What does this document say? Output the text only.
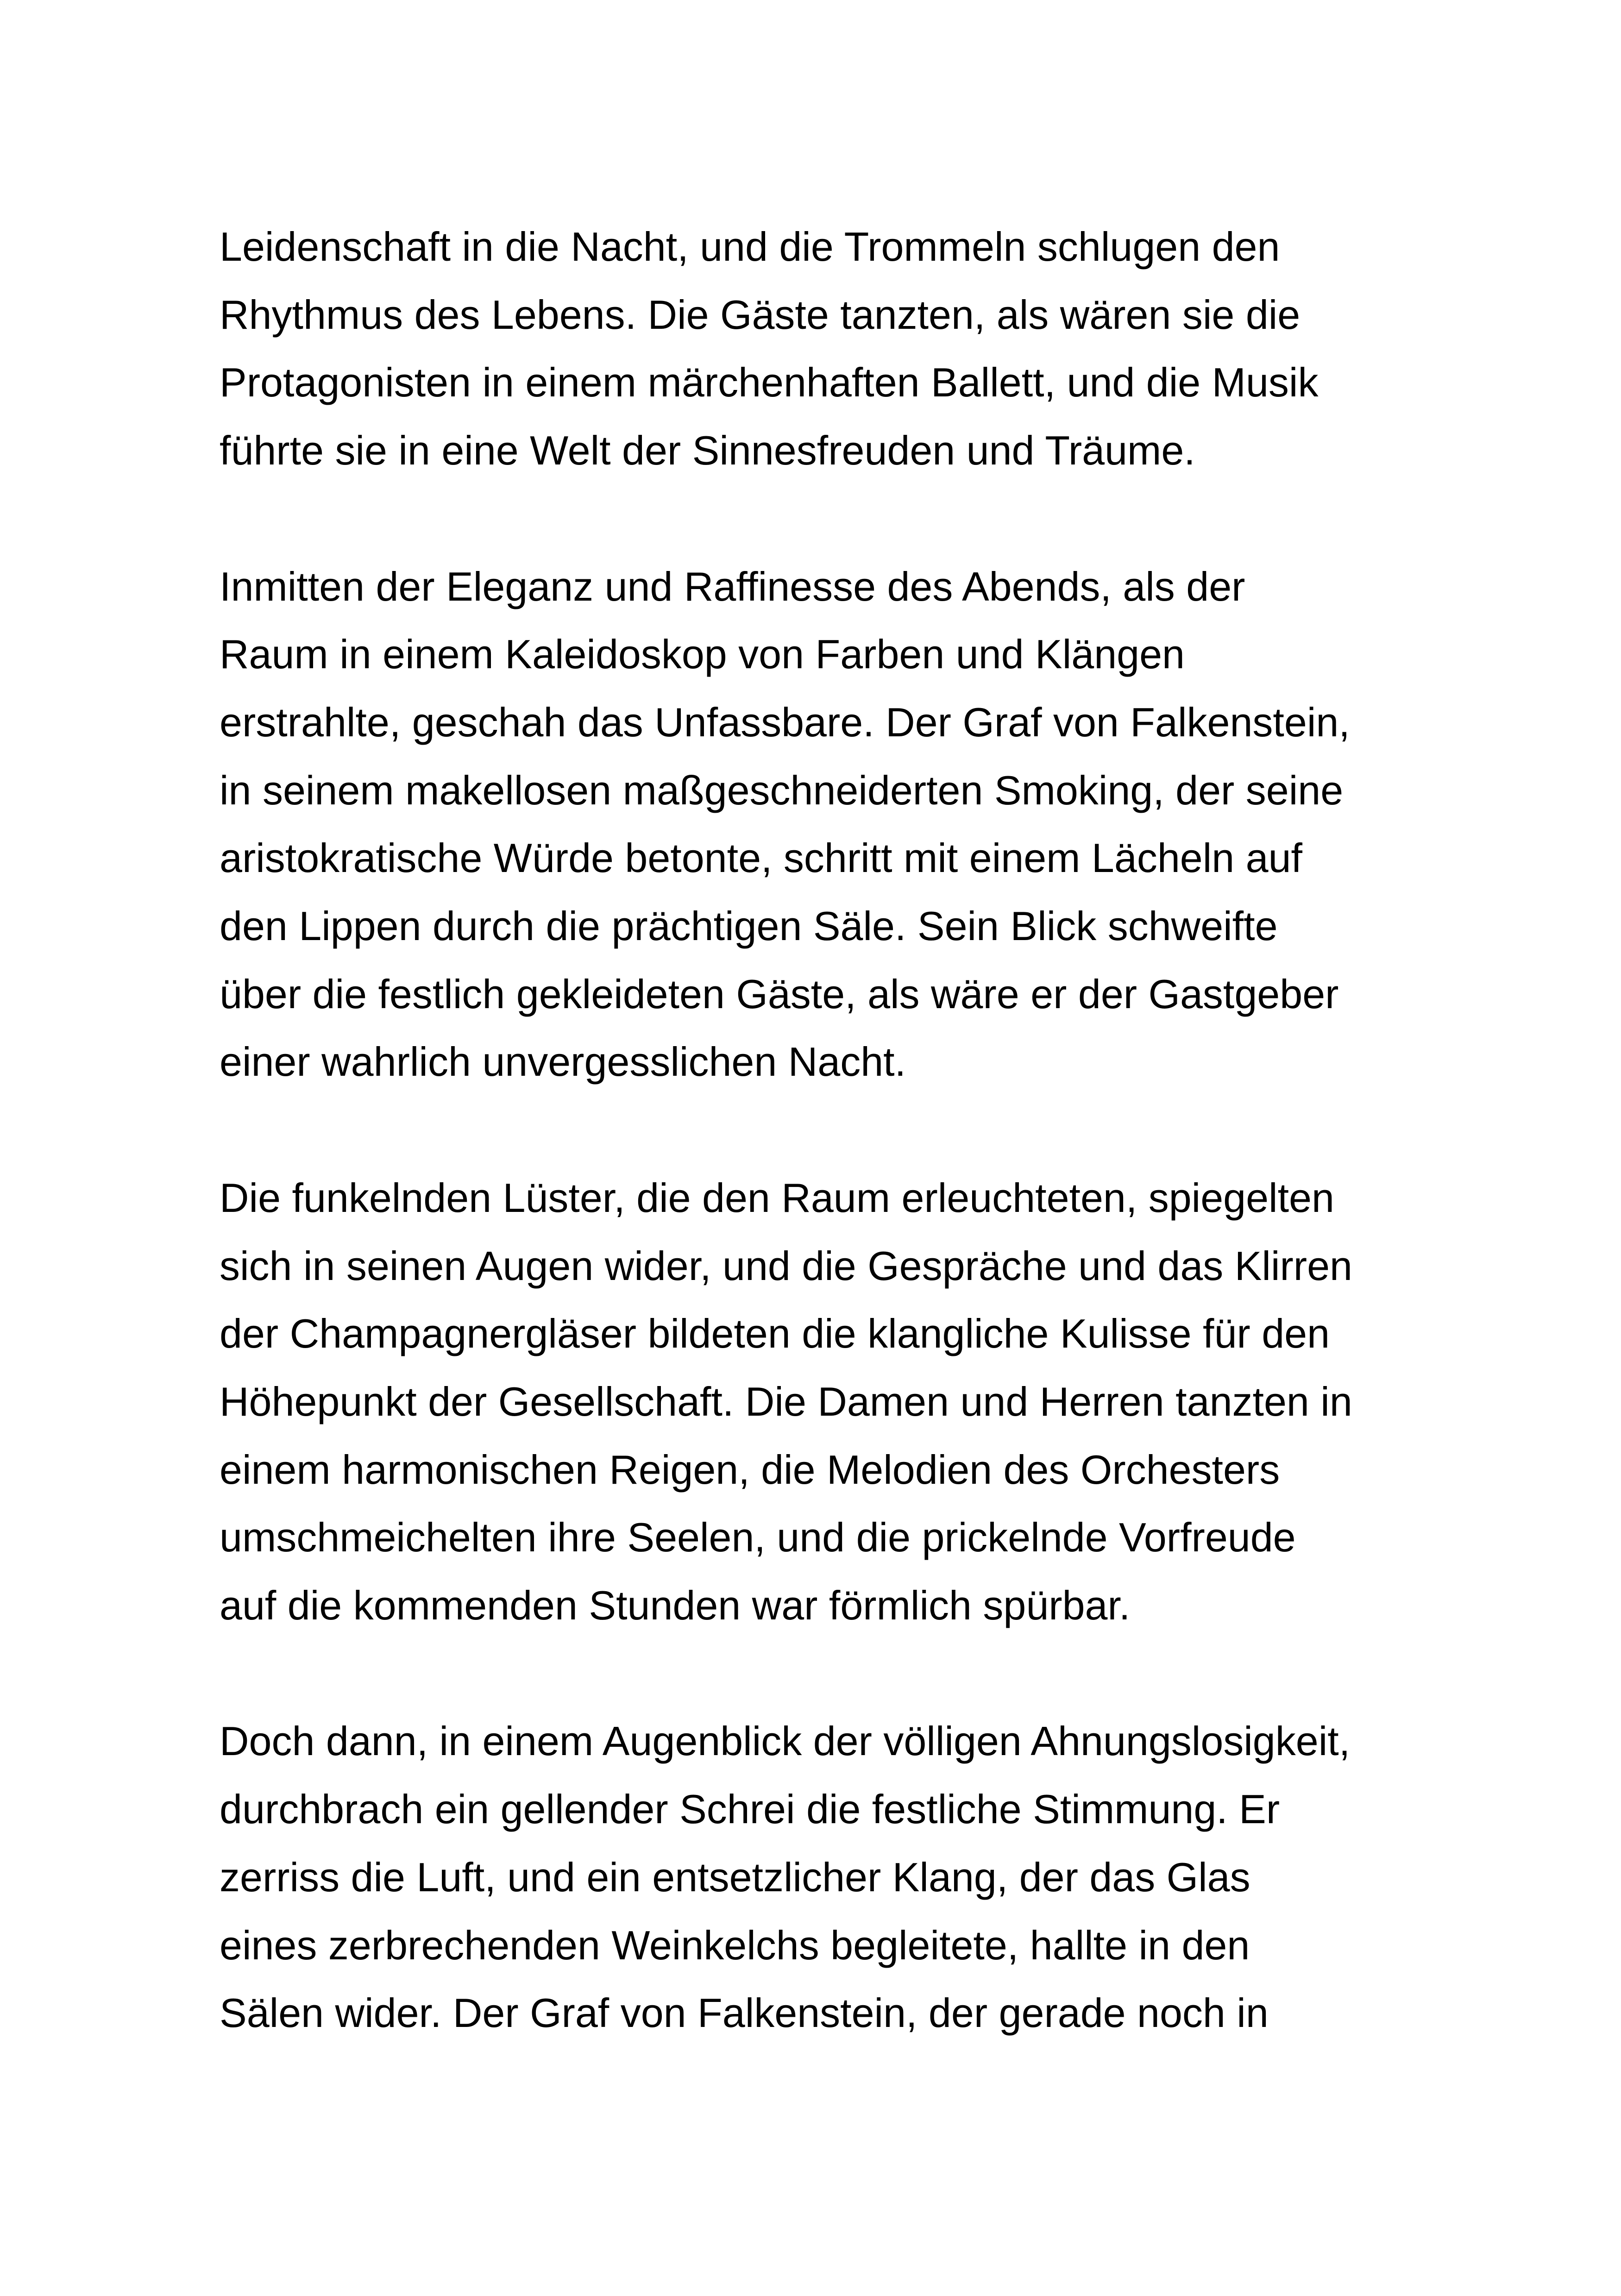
Leidenschaft in die Nacht, und die Trommeln schlugen den
Rhythmus des Lebens. Die Gäste tanzten, als wären sie die
Protagonisten in einem märchenhaften Ballett, und die Musik
führte sie in eine Welt der Sinnesfreuden und Träume.
Inmitten der Eleganz und Raffinesse des Abends, als der
Raum in einem Kaleidoskop von Farben und Klängen
erstrahlte, geschah das Unfassbare. Der Graf von Falkenstein,
in seinem makellosen maßgeschneiderten Smoking, der seine
aristokratische Würde betonte, schritt mit einem Lächeln auf
den Lippen durch die prächtigen Säle. Sein Blick schweifte
über die festlich gekleideten Gäste, als wäre er der Gastgeber
einer wahrlich unvergesslichen Nacht.
Die funkelnden Lüster, die den Raum erleuchteten, spiegelten
sich in seinen Augen wider, und die Gespräche und das Klirren
der Champagnergläser bildeten die klangliche Kulisse für den
Höhepunkt der Gesellschaft. Die Damen und Herren tanzten in
einem harmonischen Reigen, die Melodien des Orchesters
umschmeichelten ihre Seelen, und die prickelnde Vorfreude
auf die kommenden Stunden war förmlich spürbar.
Doch dann, in einem Augenblick der völligen Ahnungslosigkeit,
durchbrach ein gellender Schrei die festliche Stimmung. Er
zerriss die Luft, und ein entsetzlicher Klang, der das Glas
eines zerbrechenden Weinkelchs begleitete, hallte in den
Sälen wider. Der Graf von Falkenstein, der gerade noch in
